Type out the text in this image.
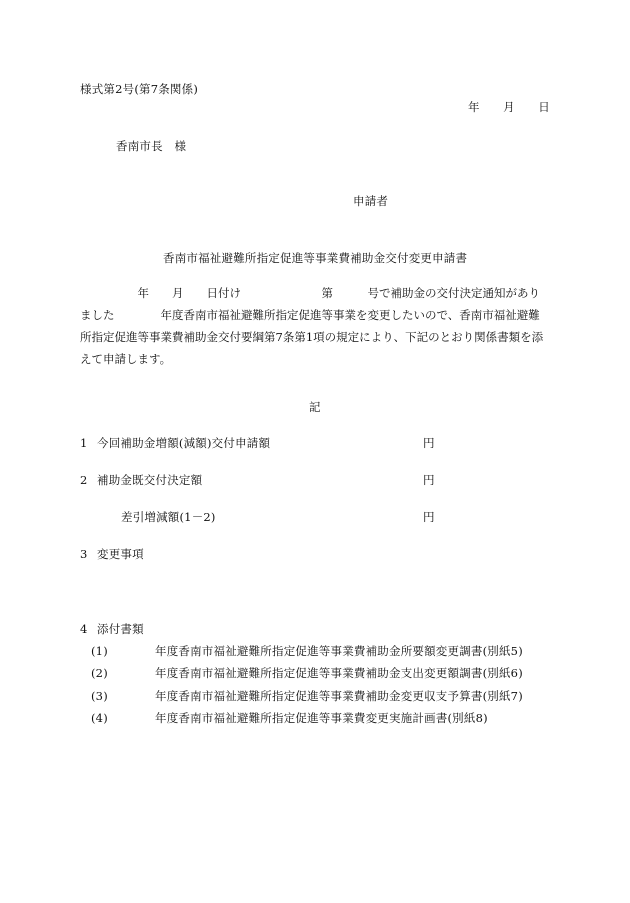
様式第2号(第7条関係)
年　　月　　日
香南市長　様
申請者
香南市福祉避難所指定促進等事業費補助金交付変更申請書
　　　　　年　　月　　日付け　　　　　　　第　　　号で補助金の交付決定通知があり
ました　　　　年度香南市福祉避難所指定促進等事業を変更したいので、香南市福祉避難
所指定促進等事業費補助金交付要綱第7条第1項の規定により、下記のとおり関係書類を添
えて申請します。
記
1 今回補助金増額(減額)交付申請額	円
2 補助金既交付決定額	円
差引増減額(1－2)	円
3 変更事項
4 添付書類
(1)	年度香南市福祉避難所指定促進等事業費補助金所要額変更調書(別紙5)
(2)	年度香南市福祉避難所指定促進等事業費補助金支出変更額調書(別紙6)
(3)	年度香南市福祉避難所指定促進等事業費補助金変更収支予算書(別紙7)
(4)	年度香南市福祉避難所指定促進等事業費変更実施計画書(別紙8)
